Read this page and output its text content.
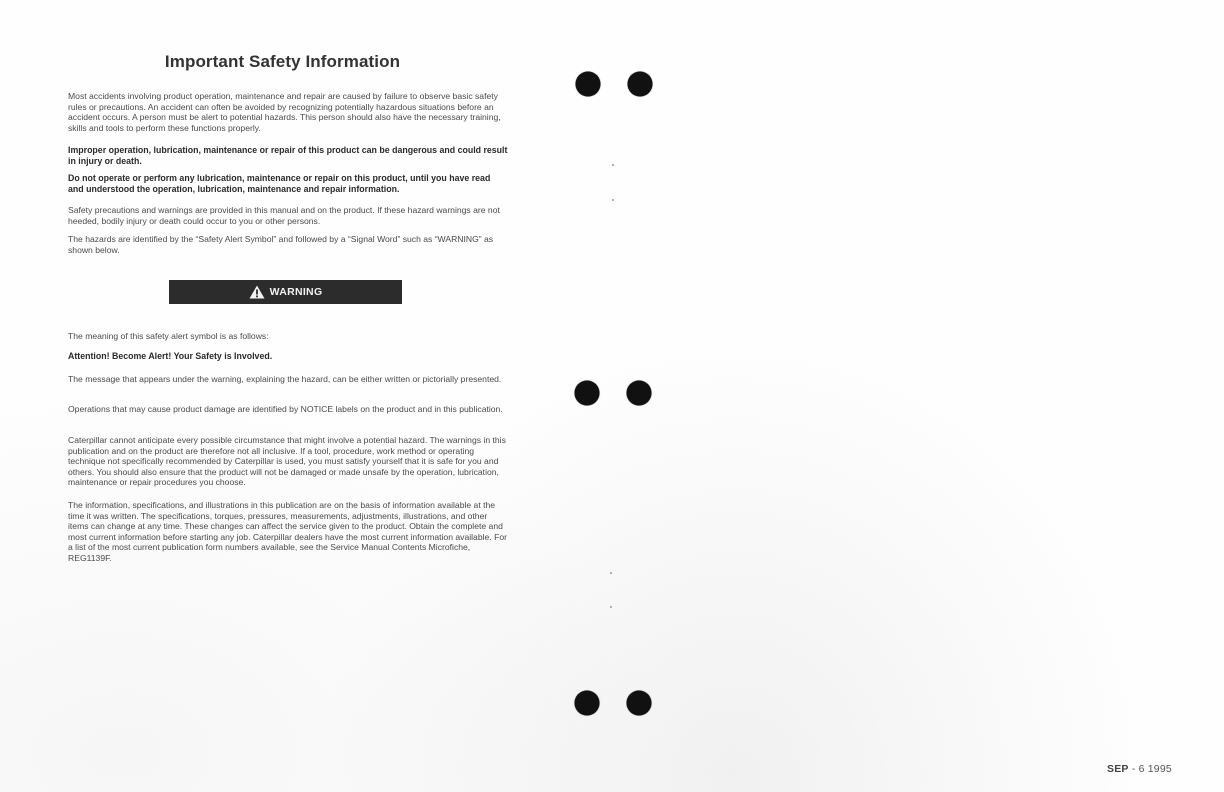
Important Safety Information

Most accidents involving product operation, maintenance and repair are caused by failure to observe basic safety rules or precautions. An accident can often be avoided by recognizing potentially hazardous situations before an accident occurs. A person must be alert to potential hazards. This person should also have the necessary training, skills and tools to perform these functions properly.

Improper operation, lubrication, maintenance or repair of this product can be dangerous and could result in injury or death.

Do not operate or perform any lubrication, maintenance or repair on this product, until you have read and understood the operation, lubrication, maintenance and repair information.

Safety precautions and warnings are provided in this manual and on the product. If these hazard warnings are not heeded, bodily injury or death could occur to you or other persons.

The hazards are identified by the “Safety Alert Symbol” and followed by a “Signal Word” such as “WARNING” as shown below.

WARNING

The meaning of this safety alert symbol is as follows:

Attention! Become Alert! Your Safety is Involved.

The message that appears under the warning, explaining the hazard, can be either written or pictorially presented.

Operations that may cause product damage are identified by NOTICE labels on the product and in this publication.

Caterpillar cannot anticipate every possible circumstance that might involve a potential hazard. The warnings in this publication and on the product are therefore not all inclusive. If a tool, procedure, work method or operating technique not specifically recommended by Caterpillar is used, you must satisfy yourself that it is safe for you and others. You should also ensure that the product will not be damaged or made unsafe by the operation, lubrication, maintenance or repair procedures you choose.

The information, specifications, and illustrations in this publication are on the basis of information available at the time it was written. The specifications, torques, pressures, measurements, adjustments, illustrations, and other items can change at any time. These changes can affect the service given to the product. Obtain the complete and most current information before starting any job. Caterpillar dealers have the most current information available. For a list of the most current publication form numbers available, see the Service Manual Contents Microfiche, REG1139F.

SEP - 6 1995
